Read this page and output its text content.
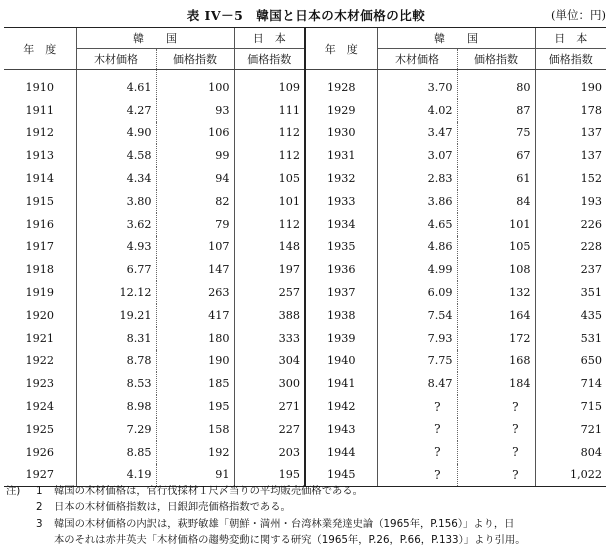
表 IV－5　韓国と日本の木材価格の比較	(単位：円)
年　度	韓　　国		日　本	年　度	韓　　国		日　本
	木材価格	価格指数	価格指数		木材価格	価格指数	価格指数
1910	4.61	100	109	1928	3.70	80	190
1911	4.27	93	111	1929	4.02	87	178
1912	4.90	106	112	1930	3.47	75	137
1913	4.58	99	112	1931	3.07	67	137
1914	4.34	94	105	1932	2.83	61	152
1915	3.80	82	101	1933	3.86	84	193
1916	3.62	79	112	1934	4.65	101	226
1917	4.93	107	148	1935	4.86	105	228
1918	6.77	147	197	1936	4.99	108	237
1919	12.12	263	257	1937	6.09	132	351
1920	19.21	417	388	1938	7.54	164	435
1921	8.31	180	333	1939	7.93	172	531
1922	8.78	190	304	1940	7.75	168	650
1923	8.53	185	300	1941	8.47	184	714
1924	8.98	195	271	1942	?	?	715
1925	7.29	158	227	1943	?	?	721
1926	8.85	192	203	1944	?	?	804
1927	4.19	91	195	1945	?	?	1,022
注) 1 韓国の木材価格は，官行伐採材１尺〆当りの平均販売価格である。
2 日本の木材価格指数は，日銀卸売価格指数である。
3 韓国の木材価格の内訳は，萩野敏雄「朝鮮・満州・台湾林業発達史論（1965年，P.156）」より，日
本のそれは赤井英夫「木材価格の趨勢変動に関する研究（1965年，P.26，P.66，P.133）」より引用。
